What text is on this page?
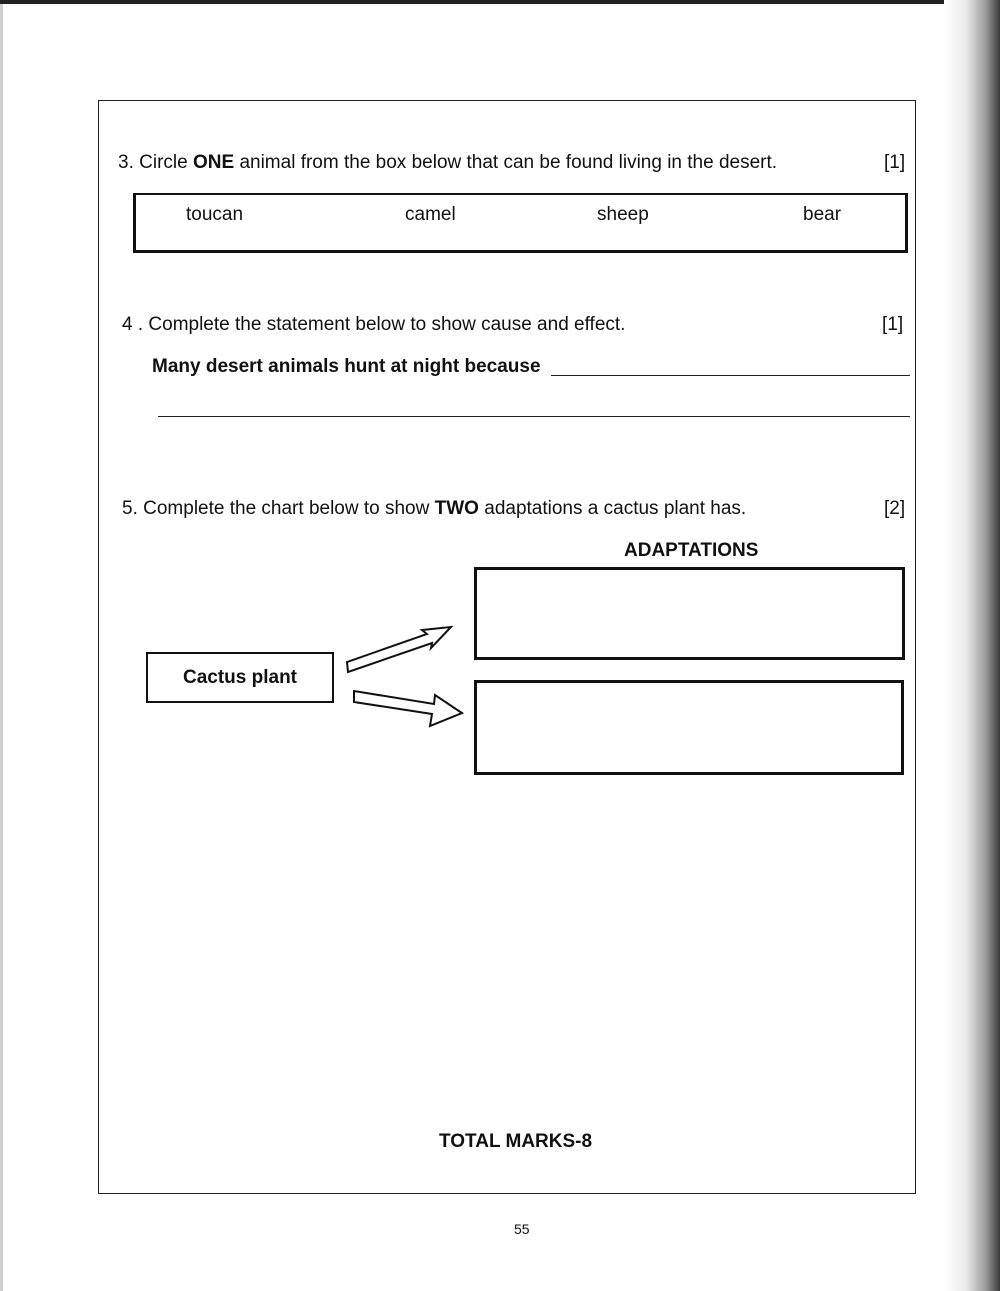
3. Circle ONE animal from the box below that can be found living in the desert.	[1]
toucan	camel	sheep	bear
4 . Complete the statement below to show cause and effect.	[1]
Many desert animals hunt at night because
5. Complete the chart below to show TWO adaptations a cactus plant has.	[2]
ADAPTATIONS
Cactus plant
TOTAL MARKS-8
55
